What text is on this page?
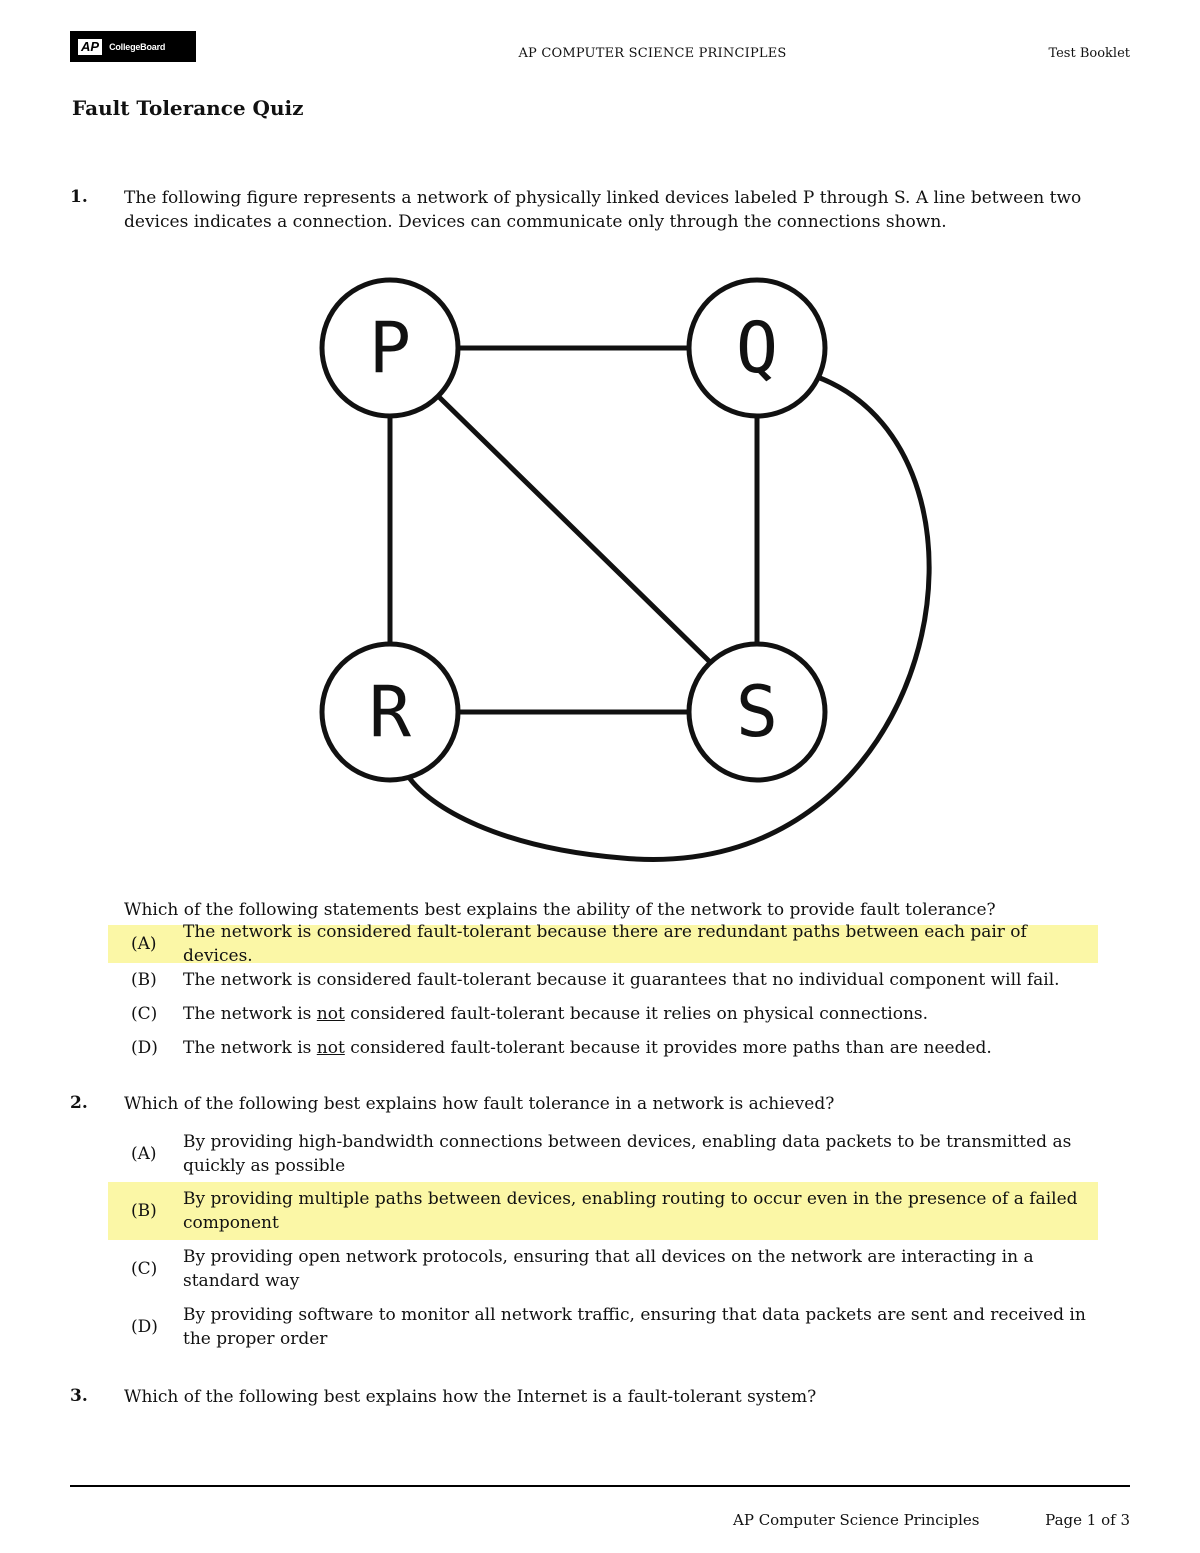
AP	CollegeBoard	AP COMPUTER SCIENCE PRINCIPLES	Test Booklet
Fault Tolerance Quiz
1. The following figure represents a network of physically linked devices labeled P through S. A line between two devices indicates a connection. Devices can communicate only through the connections shown.
P	Q
R	S
Which of the following statements best explains the ability of the network to provide fault tolerance?
(A)
The network is considered fault-tolerant because there are redundant paths between each pair of devices.
(B)	The network is considered fault-tolerant because it guarantees that no individual component will fail.
(C)	The network is not considered fault-tolerant because it relies on physical connections.
(D)	The network is not considered fault-tolerant because it provides more paths than are needed.
2. Which of the following best explains how fault tolerance in a network is achieved?
(A)
By providing high-bandwidth connections between devices, enabling data packets to be transmitted as quickly as possible
(B)
By providing multiple paths between devices, enabling routing to occur even in the presence of a failed component
(C)
By providing open network protocols, ensuring that all devices on the network are interacting in a standard way
(D)
By providing software to monitor all network traffic, ensuring that data packets are sent and received in the proper order
3. Which of the following best explains how the Internet is a fault-tolerant system?
AP Computer Science Principles	Page 1 of 3
